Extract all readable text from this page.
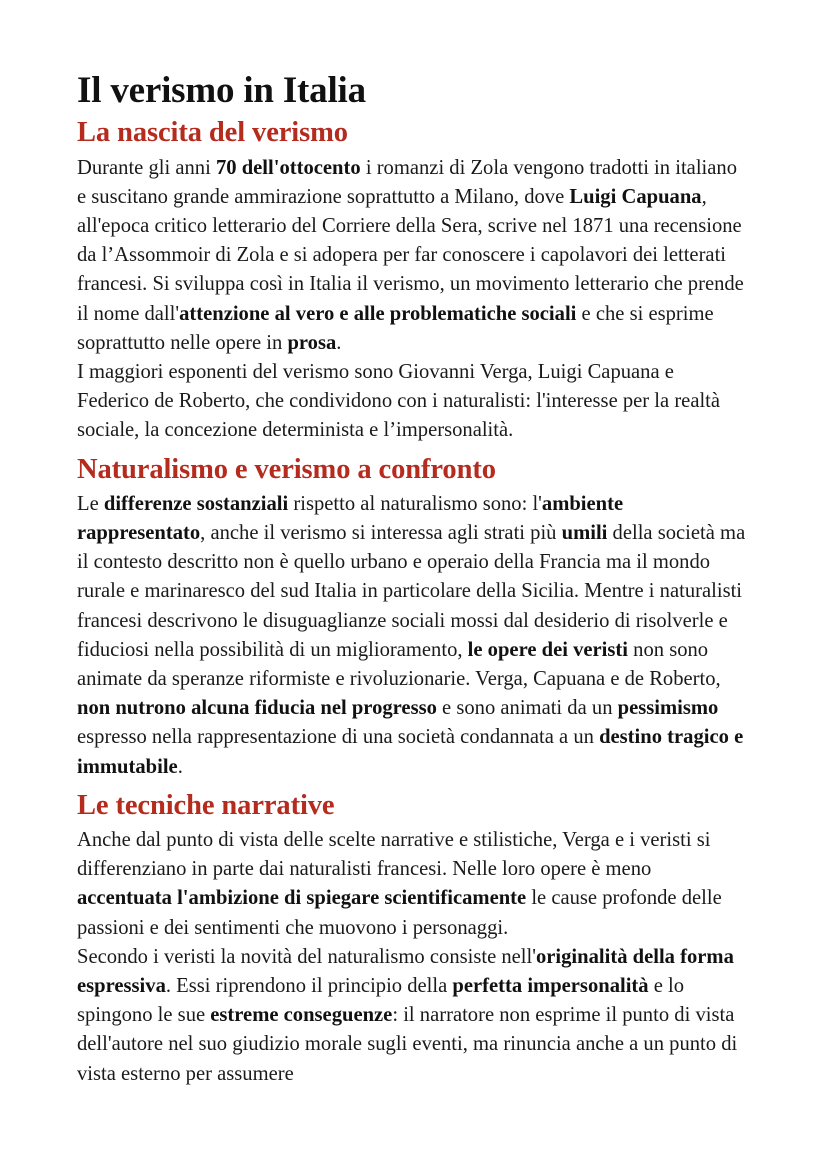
Il verismo in Italia
La nascita del verismo

Durante gli anni 70 dell'ottocento i romanzi di Zola vengono tradotti in italiano e suscitano grande ammirazione soprattutto a Milano, dove Luigi Capuana, all'epoca critico letterario del Corriere della Sera, scrive nel 1871 una recensione da l’Assommoir di Zola e si adopera per far conoscere i capolavori dei letterati francesi. Si sviluppa così in Italia il verismo, un movimento letterario che prende il nome dall'attenzione al vero e alle problematiche sociali e che si esprime soprattutto nelle opere in prosa.

I maggiori esponenti del verismo sono Giovanni Verga, Luigi Capuana e Federico de Roberto, che condividono con i naturalisti: l'interesse per la realtà sociale, la concezione determinista e l’impersonalità.

Naturalismo e verismo a confronto

Le differenze sostanziali rispetto al naturalismo sono: l'ambiente rappresentato, anche il verismo si interessa agli strati più umili della società ma il contesto descritto non è quello urbano e operaio della Francia ma il mondo rurale e marinaresco del sud Italia in particolare della Sicilia. Mentre i naturalisti francesi descrivono le disuguaglianze sociali mossi dal desiderio di risolverle e fiduciosi nella possibilità di un miglioramento, le opere dei veristi non sono animate da speranze riformiste e rivoluzionarie. Verga, Capuana e de Roberto, non nutrono alcuna fiducia nel progresso e sono animati da un pessimismo espresso nella rappresentazione di una società condannata a un destino tragico e immutabile.

Le tecniche narrative

Anche dal punto di vista delle scelte narrative e stilistiche, Verga e i veristi si differenziano in parte dai naturalisti francesi. Nelle loro opere è meno accentuata l'ambizione di spiegare scientificamente le cause profonde delle passioni e dei sentimenti che muovono i personaggi.

Secondo i veristi la novità del naturalismo consiste nell'originalità della forma espressiva. Essi riprendono il principio della perfetta impersonalità e lo spingono le sue estreme conseguenze: il narratore non esprime il punto di vista dell'autore nel suo giudizio morale sugli eventi, ma rinuncia anche a un punto di vista esterno per assumere
